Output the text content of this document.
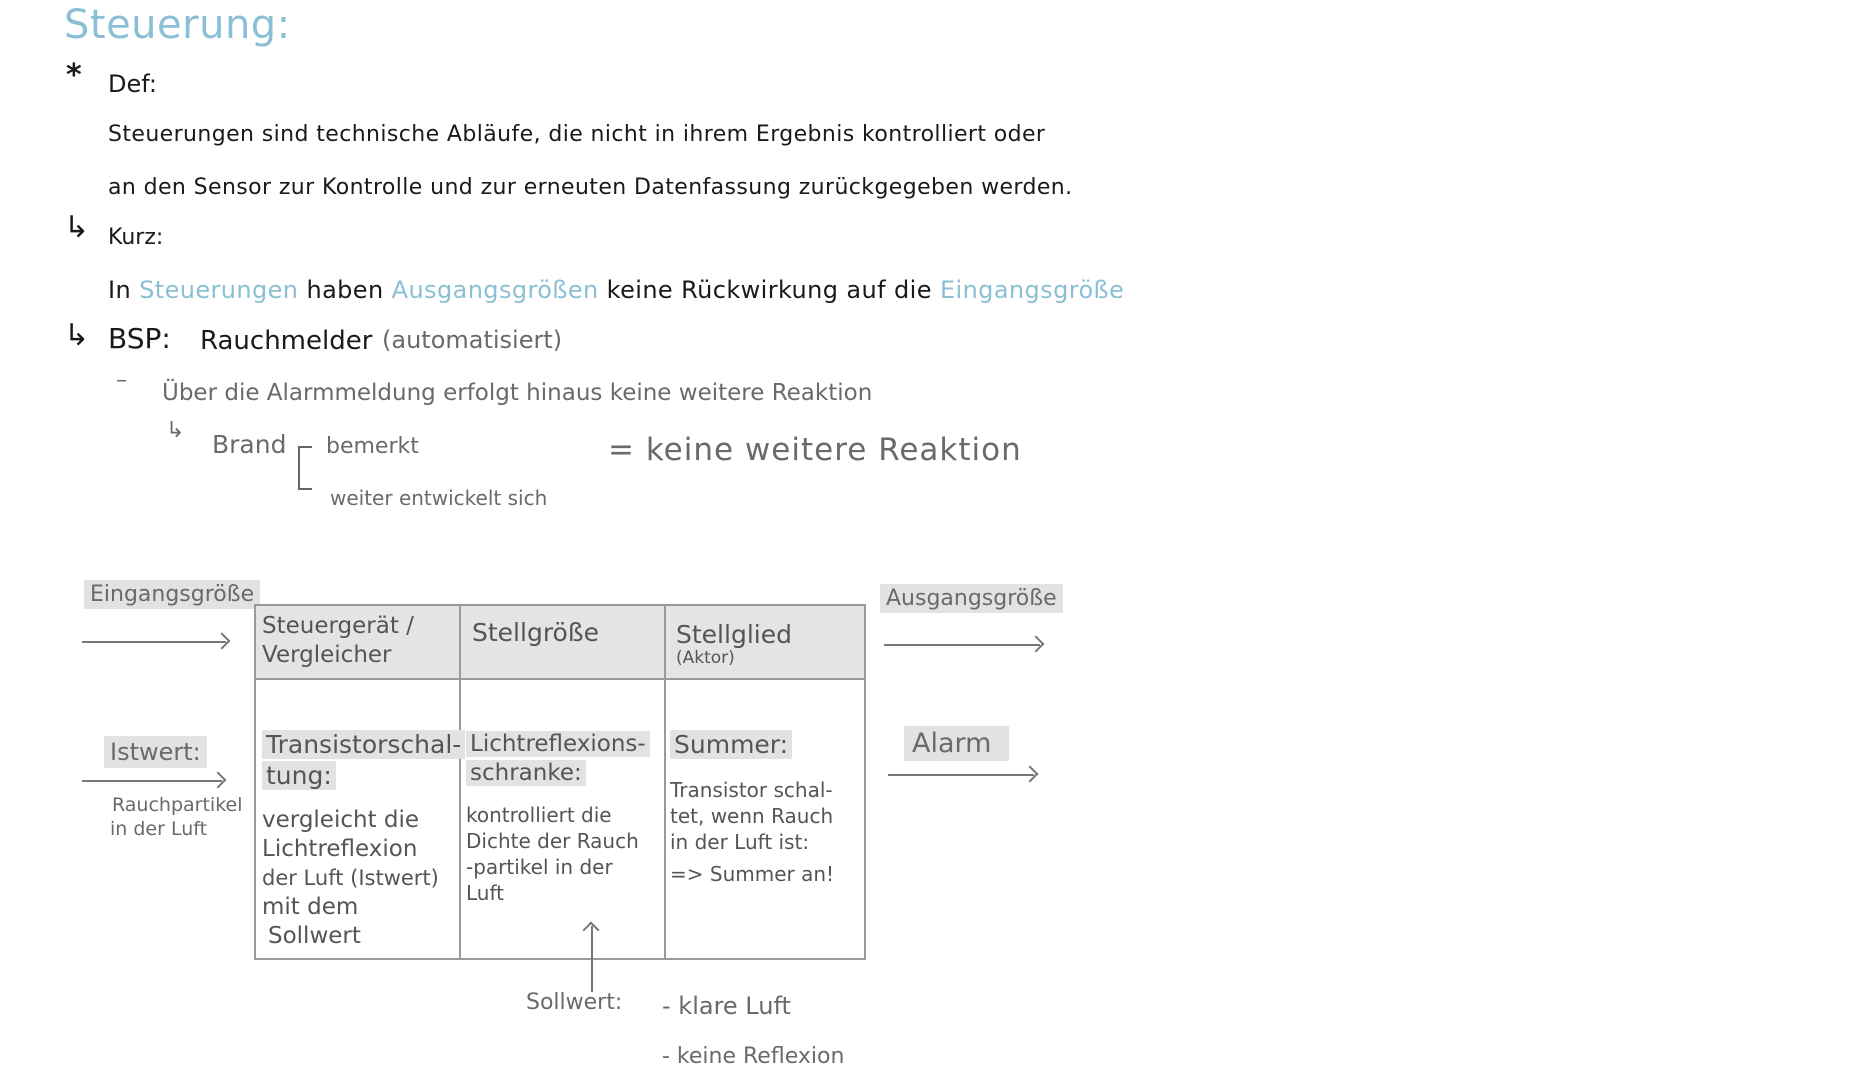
Steuerung:
* Def:
Steuerungen sind technische Abläufe, die nicht in ihrem Ergebnis kontrolliert oder
an den Sensor zur Kontrolle und zur erneuten Datenfassung zurückgegeben werden.
↳ Kurz:
In Steuerungen haben Ausgangsgrößen keine Rückwirkung auf die Eingangsgröße
↳ BSP: Rauchmelder (automatisiert)
– Über die Alarmmeldung erfolgt hinaus keine weitere Reaktion
↳ Brand bemerkt
weiter entwickelt sich
= keine weitere Reaktion
Eingangsgröße	Ausgangsgröße
Istwert:
Rauchpartikel
in der Luft
Alarm
Steuergerät /
Vergleicher
Stellgröße	Stellglied
(Aktor)
Transistorschal-
tung:
vergleicht die
Lichtreflexion
der Luft (Istwert)
mit dem
Sollwert
Lichtreflexions-
schranke:
kontrolliert die
Dichte der Rauch
-partikel in der
Luft
Summer:
Transistor schal-
tet, wenn Rauch
in der Luft ist:
=> Summer an!
Sollwert: - klare Luft
- keine Reflexion
